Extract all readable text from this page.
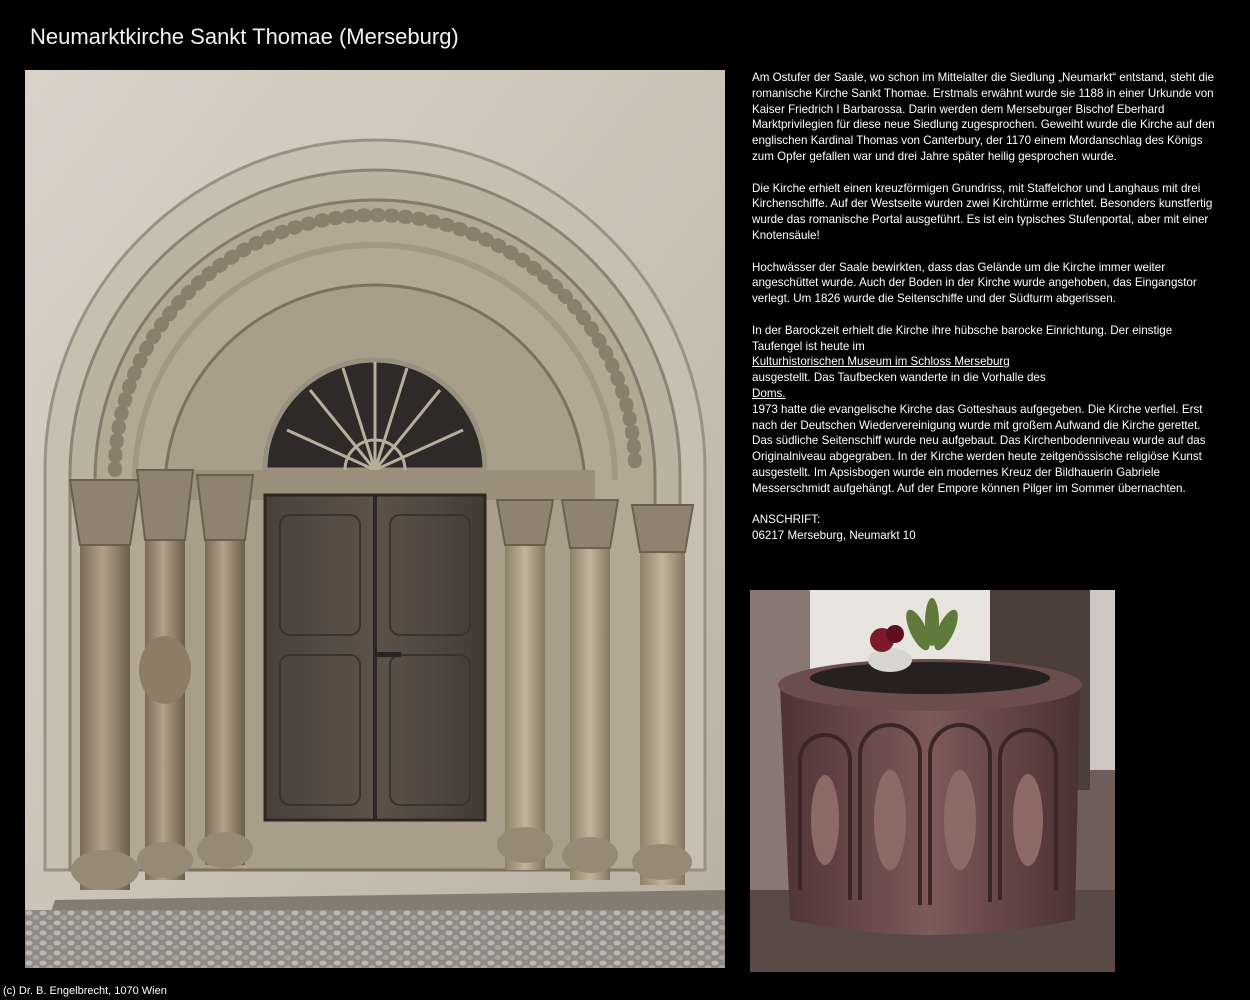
Neumarktkirche Sankt Thomae (Merseburg)

Am Ostufer der Saale, wo schon im Mittelalter die Siedlung „Neumarkt“ entstand, steht die romanische Kirche Sankt Thomae. Erstmals erwähnt wurde sie 1188 in einer Urkunde von Kaiser Friedrich I Barbarossa. Darin werden dem Merseburger Bischof Eberhard Marktprivilegien für diese neue Siedlung zugesprochen. Geweiht wurde die Kirche auf den englischen Kardinal Thomas von Canterbury, der 1170 einem Mordanschlag des Königs zum Opfer gefallen war und drei Jahre später heilig gesprochen wurde.

Die Kirche erhielt einen kreuzförmigen Grundriss, mit Staffelchor und Langhaus mit drei Kirchenschiffe. Auf der Westseite wurden zwei Kirchtürme errichtet. Besonders kunstfertig wurde das romanische Portal ausgeführt. Es ist ein typisches Stufenportal, aber mit einer Knotensäule!

Hochwässer der Saale bewirkten, dass das Gelände um die Kirche immer weiter angeschüttet wurde. Auch der Boden in der Kirche wurde angehoben, das Eingangstor verlegt. Um 1826 wurde die Seitenschiffe und der Südturm abgerissen.

In der Barockzeit erhielt die Kirche ihre hübsche barocke Einrichtung. Der einstige Taufengel ist heute im
Kulturhistorischen Museum im Schloss Merseburg
ausgestellt. Das Taufbecken wanderte in die Vorhalle des
Doms.
1973 hatte die evangelische Kirche das Gotteshaus aufgegeben. Die Kirche verfiel. Erst nach der Deutschen Wiedervereinigung wurde mit großem Aufwand die Kirche gerettet. Das südliche Seitenschiff wurde neu aufgebaut. Das Kirchenbodenniveau wurde auf das Originalniveau abgegraben. In der Kirche werden heute zeitgenössische religiöse Kunst ausgestellt. Im Apsisbogen wurde ein modernes Kreuz der Bildhauerin Gabriele Messerschmidt aufgehängt. Auf der Empore können Pilger im Sommer übernachten.

ANSCHRIFT:
06217 Merseburg, Neumarkt 10

(c) Dr. B. Engelbrecht, 1070 Wien
